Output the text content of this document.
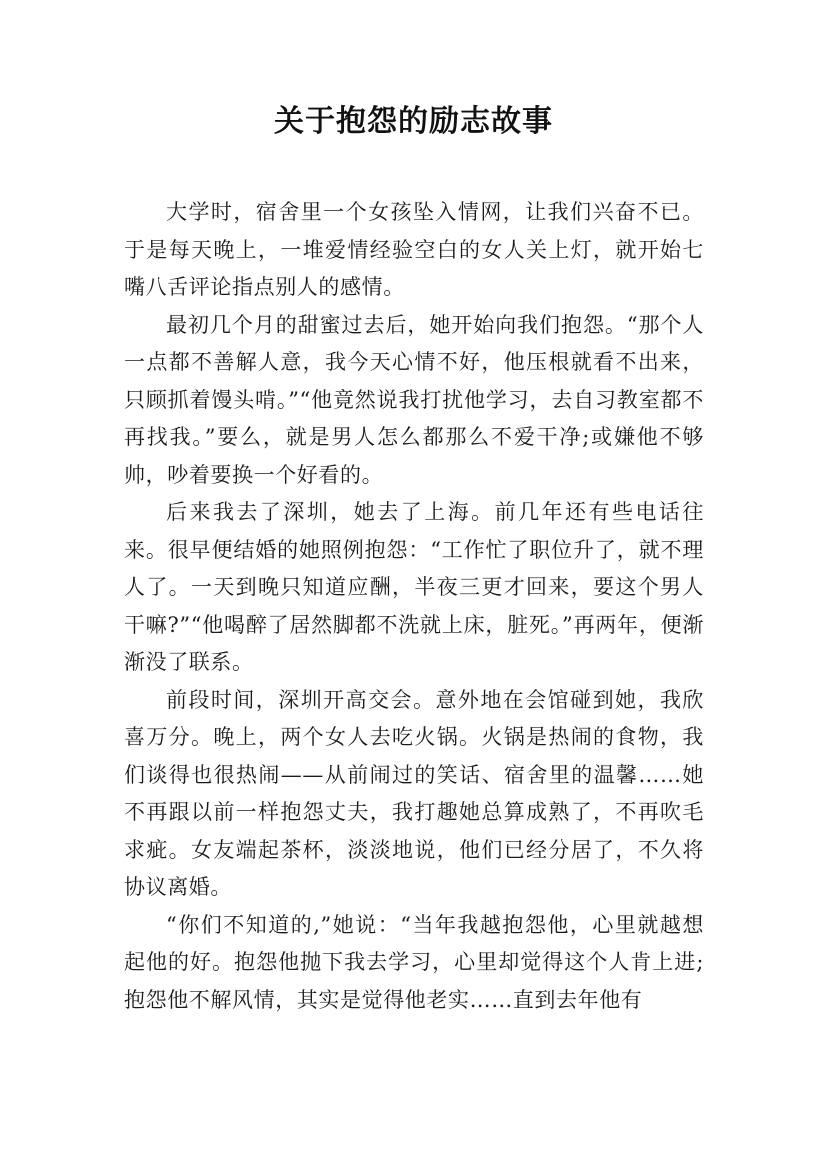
关于抱怨的励志故事

大学时，宿舍里一个女孩坠入情网，让我们兴奋不已。于是每天晚上，一堆爱情经验空白的女人关上灯，就开始七嘴八舌评论指点别人的感情。

最初几个月的甜蜜过去后，她开始向我们抱怨。“那个人一点都不善解人意，我今天心情不好，他压根就看不出来，只顾抓着馒头啃。”“他竟然说我打扰他学习，去自习教室都不再找我。”要么，就是男人怎么都那么不爱干净;或嫌他不够帅，吵着要换一个好看的。

后来我去了深圳，她去了上海。前几年还有些电话往来。很早便结婚的她照例抱怨：“工作忙了职位升了，就不理人了。一天到晚只知道应酬，半夜三更才回来，要这个男人干嘛?”“他喝醉了居然脚都不洗就上床，脏死。”再两年，便渐渐没了联系。

前段时间，深圳开高交会。意外地在会馆碰到她，我欣喜万分。晚上，两个女人去吃火锅。火锅是热闹的食物，我们谈得也很热闹——从前闹过的笑话、宿舍里的温馨……她不再跟以前一样抱怨丈夫，我打趣她总算成熟了，不再吹毛求疵。女友端起茶杯，淡淡地说，他们已经分居了，不久将协议离婚。

“你们不知道的,”她说：“当年我越抱怨他，心里就越想起他的好。抱怨他抛下我去学习，心里却觉得这个人肯上进;抱怨他不解风情，其实是觉得他老实……直到去年他有
